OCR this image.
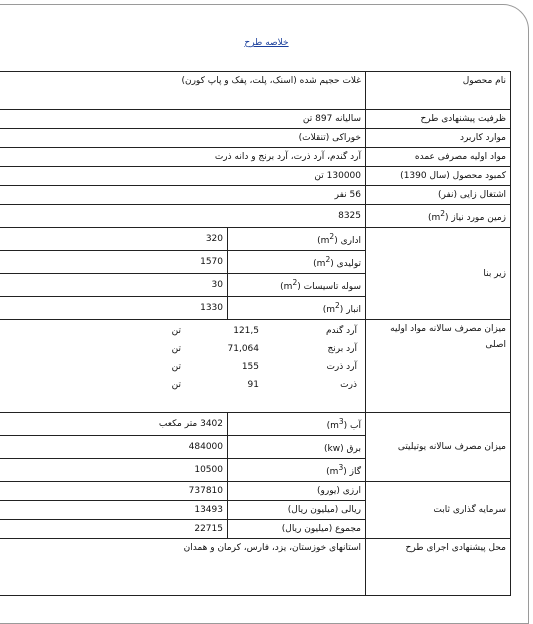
خلاصه طرح
نام محصول	غلات حجیم شده (اسنک، پلت، پفک و پاپ کورن)
ظرفیت پیشنهادی طرح	سالیانه 897 تن
موارد کاربرد	خوراکی (تنقلات)
مواد اولیه مصرفی عمده	آرد گندم، آرد ذرت، آرد برنج و دانه ذرت
کمبود محصول (سال 1390)	130000 تن
اشتغال زایی (نفر)	56 نفر
زمین مورد نیاز $(m^2)$	8325
زیر بنا	اداری $(m^2)$	320
تولیدی $(m^2)$	1570
سوله تاسیسات $(m^2)$	30
انبار $(m^2)$	1330
میزان مصرف سالانه مواد اولیه اصلی	
آرد گندم	121,5	تن
آرد برنج	71,064	تن
آرد ذرت	155	تن
ذرت	91	تن

میزان مصرف سالانه یوتیلیتی	آب $(m^3)$	3402 متر مکعب
برق (kw)	484000
گاز $(m^3)$	10500
سرمایه گذاری ثابت	ارزی (یورو)	737810
ریالی (میلیون ریال)	13493
مجموع (میلیون ریال)	22715
محل پیشنهادی اجرای طرح	استانهای خوزستان، یزد، فارس، کرمان و همدان
